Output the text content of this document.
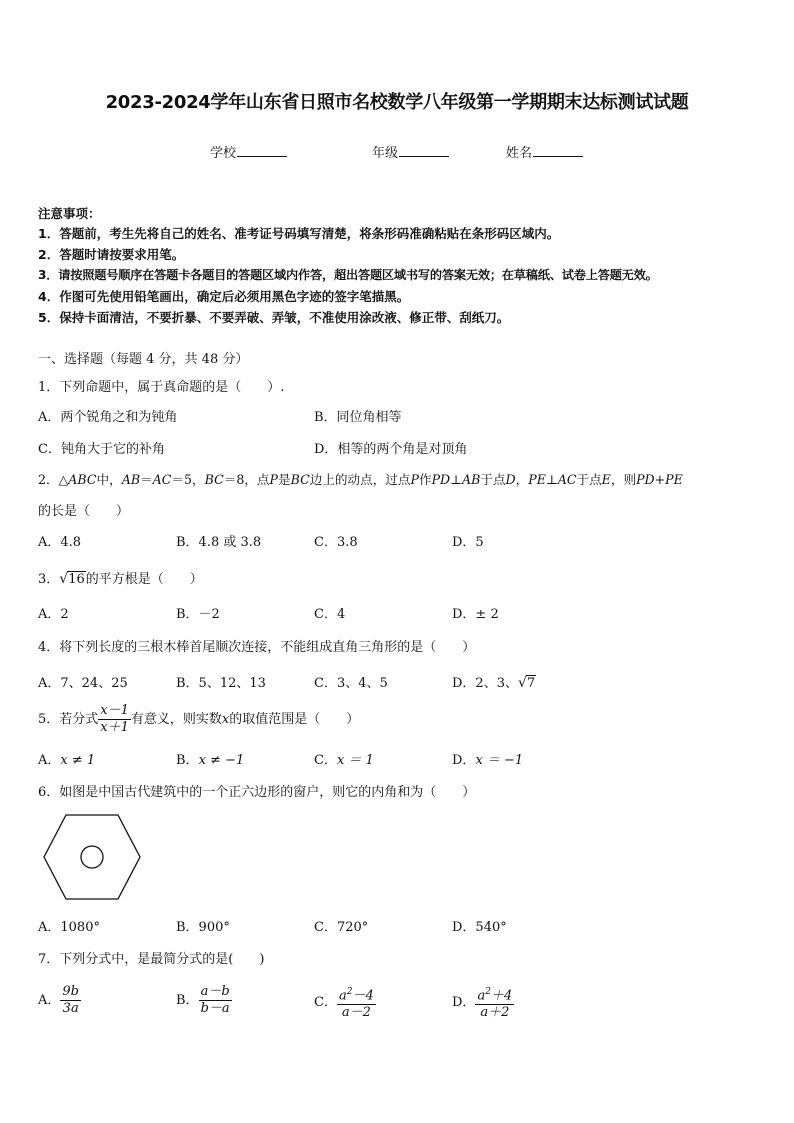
2023-2024学年山东省日照市名校数学八年级第一学期期末达标测试试题
学校	年级	姓名
注意事项：
1．答题前，考生先将自己的姓名、准考证号码填写清楚，将条形码准确粘贴在条形码区域内。
2．答题时请按要求用笔。
3．请按照题号顺序在答题卡各题目的答题区域内作答，超出答题区域书写的答案无效；在草稿纸、试卷上答题无效。
4．作图可先使用铅笔画出，确定后必须用黑色字迹的签字笔描黑。
5．保持卡面清洁，不要折暴、不要弄破、弄皱，不准使用涂改液、修正带、刮纸刀。
一、选择题（每题 4 分，共 48 分）
1．下列命题中，属于真命题的是（　　）.
A．两个锐角之和为钝角	B．同位角相等
C．钝角大于它的补角	D．相等的两个角是对顶角
2．△ABC中，AB＝AC＝5，BC＝8，点P是BC边上的动点，过点P作PD⊥AB于点D，PE⊥AC于点E，则PD+PE
的长是（　　）
A．4.8	B．4.8 或 3.8	C．3.8	D．5
3．√16的平方根是（　　）
A．2	B．－2	C．4	D．± 2
4．将下列长度的三根木棒首尾顺次连接，不能组成直角三角形的是（　　）
A．7、24、25	B．5、12、13	C．3、4、5	D．2、3、√7
5．若分式 $\frac{x-1}{x+1}$ 有意义，则实数x的取值范围是（　　）
A．x ≠ 1	B．x ≠ −1	C．x ＝ 1	D．x ＝ −1
6．如图是中国古代建筑中的一个正六边形的窗户，则它的内角和为（　　）
A．1080°	B．900°	C．720°	D．540°
7．下列分式中，是最简分式的是(　　)
A． $\frac{9b}{3a}$	B． $\frac{a-b}{b-a}$	C． $\frac{a^2-4}{a-2}$	D． $\frac{a^2+4}{a+2}$
